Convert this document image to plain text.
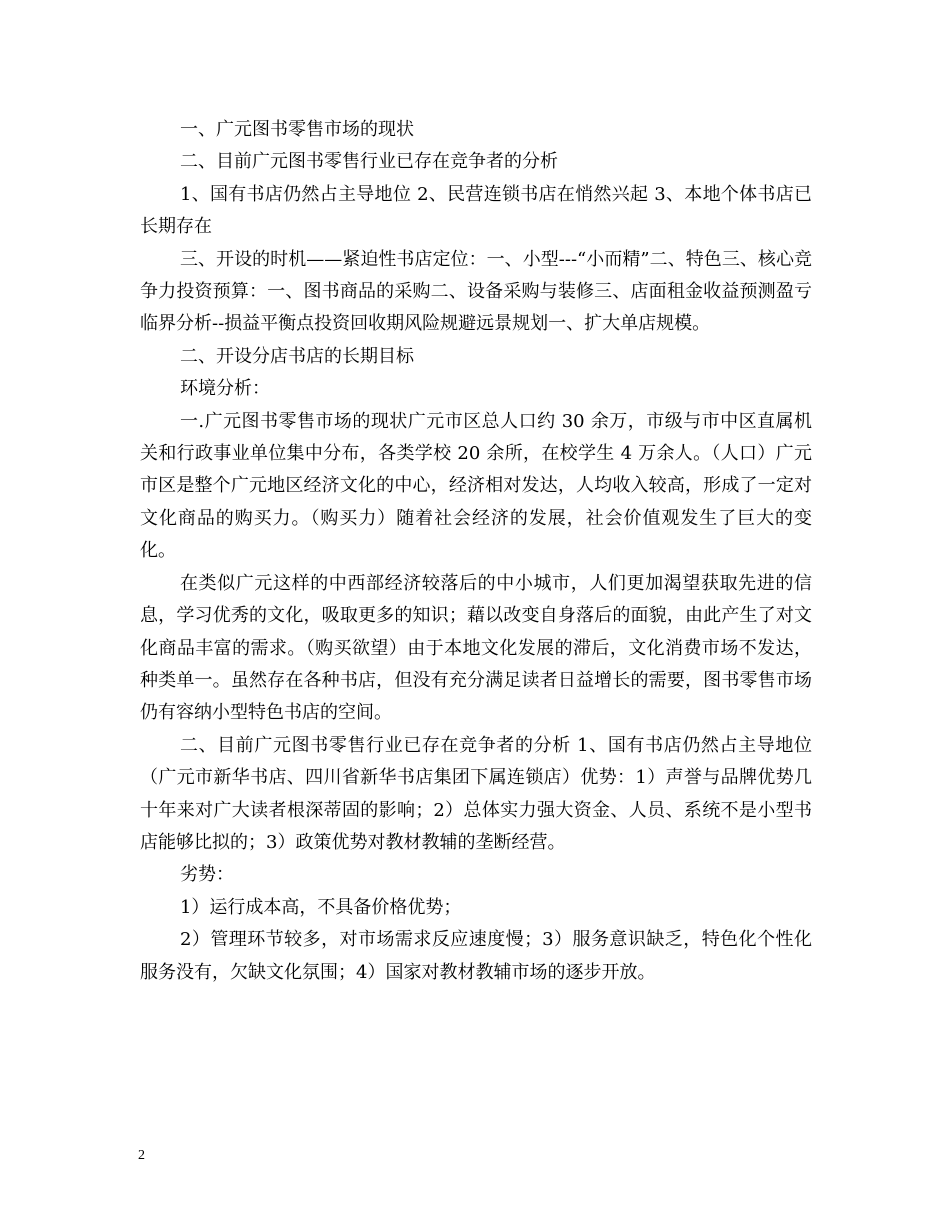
一、广元图书零售市场的现状

二、目前广元图书零售行业已存在竞争者的分析

1、国有书店仍然占主导地位 2、民营连锁书店在悄然兴起 3、本地个体书店已长期存在

三、开设的时机——紧迫性书店定位：一、小型---“小而精”二、特色三、核心竞争力投资预算：一、图书商品的采购二、设备采购与装修三、店面租金收益预测盈亏临界分析--损益平衡点投资回收期风险规避远景规划一、扩大单店规模。

二、开设分店书店的长期目标

环境分析：

一.广元图书零售市场的现状广元市区总人口约 30 余万，市级与市中区直属机关和行政事业单位集中分布，各类学校 20 余所，在校学生 4 万余人。（人口）广元市区是整个广元地区经济文化的中心，经济相对发达，人均收入较高，形成了一定对文化商品的购买力。（购买力）随着社会经济的发展，社会价值观发生了巨大的变化。

在类似广元这样的中西部经济较落后的中小城市，人们更加渴望获取先进的信息，学习优秀的文化，吸取更多的知识；藉以改变自身落后的面貌，由此产生了对文化商品丰富的需求。（购买欲望）由于本地文化发展的滞后，文化消费市场不发达，种类单一。虽然存在各种书店，但没有充分满足读者日益增长的需要，图书零售市场仍有容纳小型特色书店的空间。

二、目前广元图书零售行业已存在竞争者的分析 1、国有书店仍然占主导地位（广元市新华书店、四川省新华书店集团下属连锁店）优势：1）声誉与品牌优势几十年来对广大读者根深蒂固的影响；2）总体实力强大资金、人员、系统不是小型书店能够比拟的；3）政策优势对教材教辅的垄断经营。

劣势：

1）运行成本高，不具备价格优势；

2）管理环节较多，对市场需求反应速度慢；3）服务意识缺乏，特色化个性化服务没有，欠缺文化氛围；4）国家对教材教辅市场的逐步开放。

2
